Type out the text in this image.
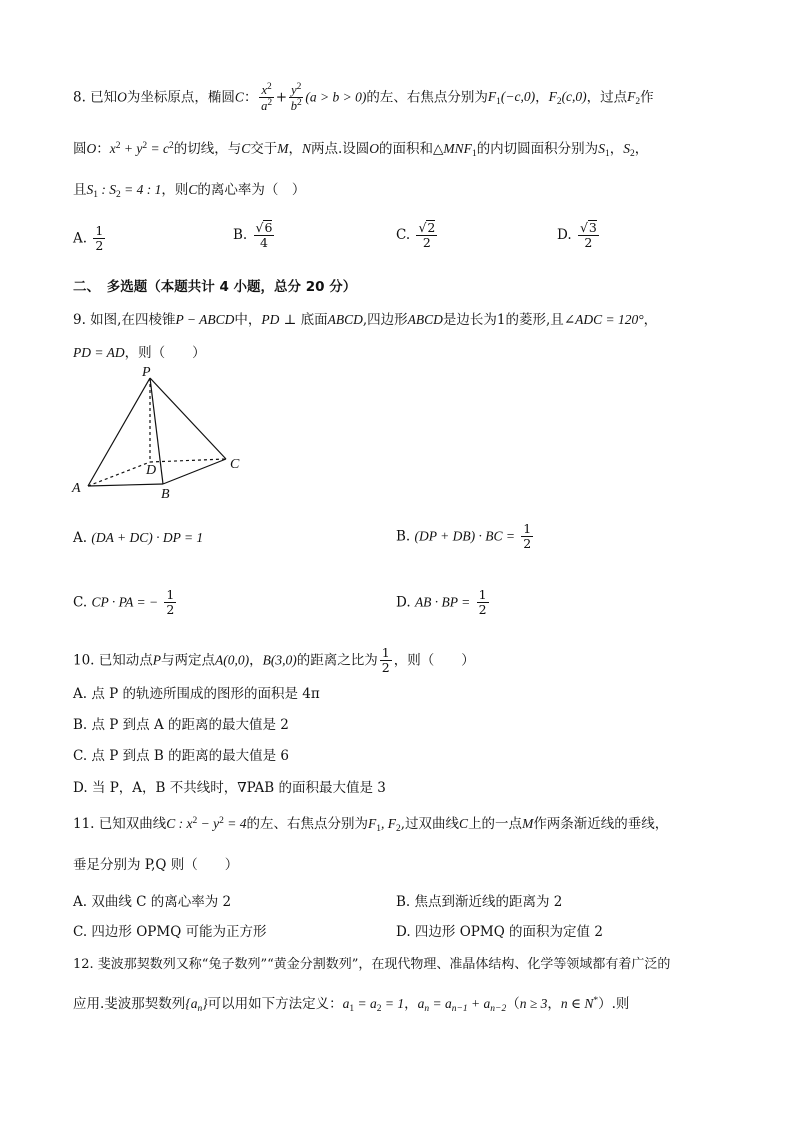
8. 已知O为坐标原点，椭圆C： $\frac{x^2}{a^2} + \frac{y^2}{b^2} (a > b > 0)$的左、右焦点分别为$F_1(-c,0)$，$F_2(c,0)$，过点$F_2$作
圆O：$x^2 + y^2 = c^2$的切线，与C交于M，N两点.设圆O的面积和$\triangle MNF_1$的内切圆面积分别为$S_1$，$S_2$，
且$S_1$ : $S_2 = 4$ : 1，则C的离心率为（　）
A. $\frac{1}{2}$	B. $\frac{√6}{4}$	C. $\frac{√2}{2}$	D. $\frac{√3}{2}$
二、　多选题（本题共计 4 小题，总分 20 分）
9. 如图,在四棱锥P − ABCD中，PD ⊥ 底面ABCD,四边形ABCD是边长为1的菱形,且∠ADC = 120°，
PD = AD，则（　　）
P
A	B
C
D
A. (DA + DC) · DP = 1	B. (DP + DB) · BC = $\frac{1}{2}$
C. CP · PA = − $\frac{1}{2}$	D. AB · BP = $\frac{1}{2}$
10. 已知动点P与两定点A(0,0)，B(3,0)的距离之比为 $\frac{1}{2}$ ，则（　　）
A. 点 P 的轨迹所围成的图形的面积是 4π
B. 点 P 到点 A 的距离的最大值是 2
C. 点 P 到点 B 的距离的最大值是 6
D. 当 P，A，B 不共线时，∇PAB 的面积最大值是 3
11. 已知双曲线C : $x^2 - y^2 = 4$的左、右焦点分别为$F_1$, $F_2$,过双曲线C上的一点M作两条渐近线的垂线，
垂足分别为 P,Q 则（　　）
A. 双曲线 C 的离心率为 2	B. 焦点到渐近线的距离为 2
C. 四边形 OPMQ 可能为正方形	D. 四边形 OPMQ 的面积为定值 2
12. 斐波那契数列又称“兔子数列”“黄金分割数列”，在现代物理、准晶体结构、化学等领域都有着广泛的
应用.斐波那契数列$\{a_n\}$可以用如下方法定义：$a_1 = a_2 = 1$，$a_n = a_{n-1} + a_{n-2}(n \ge 3$，n ∈ N*）.则
